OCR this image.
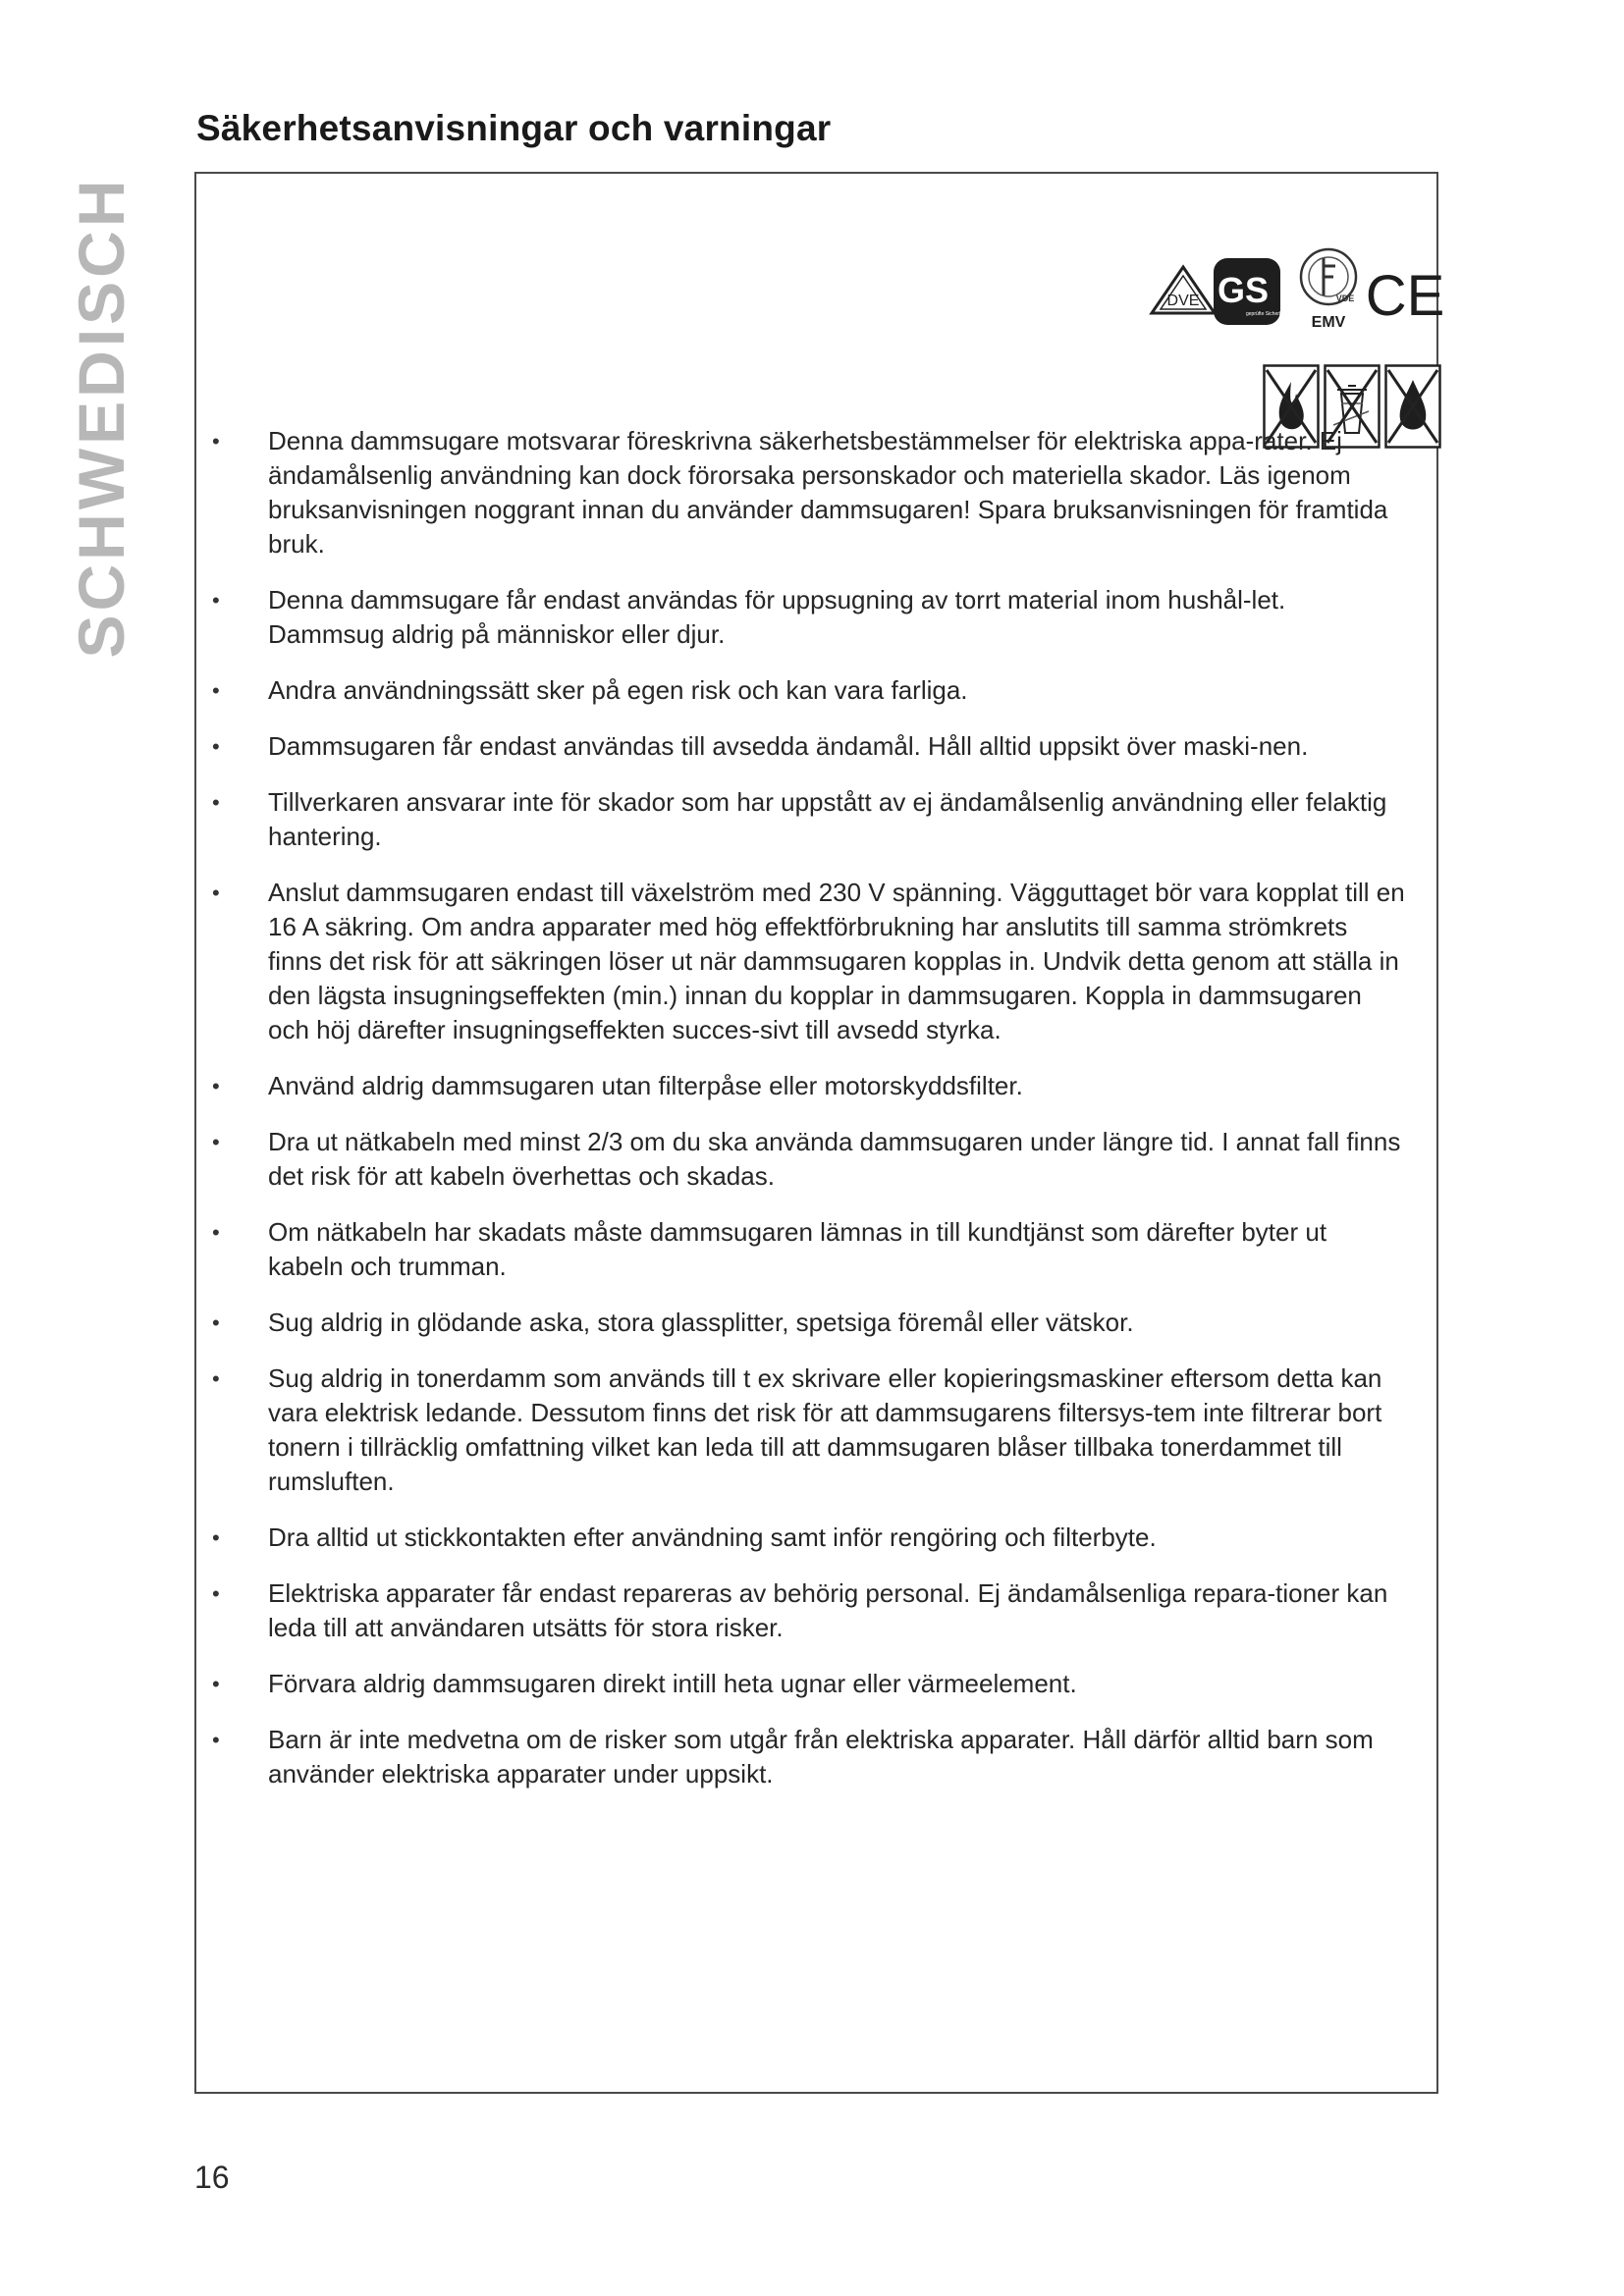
SCHWEDISCH
Säkerhetsanvisningar och varningar
DVE GS
geprüfte Sicherheit
VDE
EMV CE
• Denna dammsugare motsvarar föreskrivna säkerhetsbestämmelser för elektriska appa-rater. Ej ändamålsenlig användning kan dock förorsaka personskador och materiella skador. Läs igenom bruksanvisningen noggrant innan du använder dammsugaren! Spara bruksanvisningen för framtida bruk.
• Denna dammsugare får endast användas för uppsugning av torrt material inom hushål-let. Dammsug aldrig på människor eller djur.
• Andra användningssätt sker på egen risk och kan vara farliga.
• Dammsugaren får endast användas till avsedda ändamål. Håll alltid uppsikt över maski-nen.
• Tillverkaren ansvarar inte för skador som har uppstått av ej ändamålsenlig användning eller felaktig hantering.
• Anslut dammsugaren endast till växelström med 230 V spänning. Vägguttaget bör vara kopplat till en 16 A säkring. Om andra apparater med hög effektförbrukning har anslutits till samma strömkrets finns det risk för att säkringen löser ut när dammsugaren kopplas in. Undvik detta genom att ställa in den lägsta insugningseffekten (min.) innan du kopplar in dammsugaren. Koppla in dammsugaren och höj därefter insugningseffekten succes-sivt till avsedd styrka.
• Använd aldrig dammsugaren utan filterpåse eller motorskyddsfilter.
• Dra ut nätkabeln med minst 2/3 om du ska använda dammsugaren under längre tid. I annat fall finns det risk för att kabeln överhettas och skadas.
• Om nätkabeln har skadats måste dammsugaren lämnas in till kundtjänst som därefter byter ut kabeln och trumman.
• Sug aldrig in glödande aska, stora glassplitter, spetsiga föremål eller vätskor.
• Sug aldrig in tonerdamm som används till t ex skrivare eller kopieringsmaskiner eftersom detta kan vara elektrisk ledande. Dessutom finns det risk för att dammsugarens filtersys-tem inte filtrerar bort tonern i tillräcklig omfattning vilket kan leda till att dammsugaren blåser tillbaka tonerdammet till rumsluften.
• Dra alltid ut stickkontakten efter användning samt inför rengöring och filterbyte.
• Elektriska apparater får endast repareras av behörig personal. Ej ändamålsenliga repara-tioner kan leda till att användaren utsätts för stora risker.
• Förvara aldrig dammsugaren direkt intill heta ugnar eller värmeelement.
• Barn är inte medvetna om de risker som utgår från elektriska apparater. Håll därför alltid barn som använder elektriska apparater under uppsikt.
16
